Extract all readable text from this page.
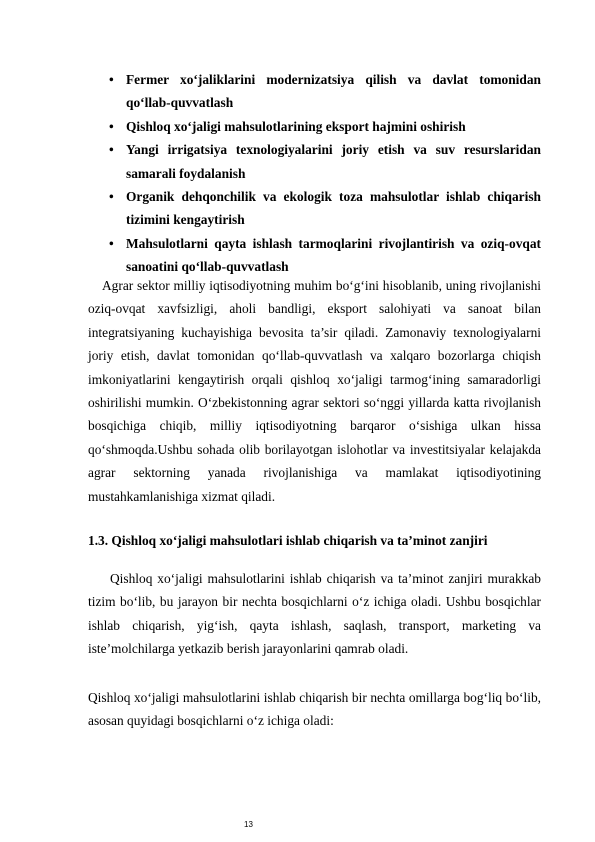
• Fermer xo‘jaliklarini modernizatsiya qilish va davlat tomonidan qo‘llab-quvvatlash
• Qishloq xo‘jaligi mahsulotlarining eksport hajmini oshirish
• Yangi irrigatsiya texnologiyalarini joriy etish va suv resurslaridan samarali foydalanish
• Organik dehqonchilik va ekologik toza mahsulotlar ishlab chiqarish tizimini kengaytirish
• Mahsulotlarni qayta ishlash tarmoqlarini rivojlantirish va oziq-ovqat sanoatini qo‘llab-quvvatlash

Agrar sektor milliy iqtisodiyotning muhim bo‘g‘ini hisoblanib, uning rivojlanishi oziq-ovqat xavfsizligi, aholi bandligi, eksport salohiyati va sanoat bilan integratsiyaning kuchayishiga bevosita ta’sir qiladi. Zamonaviy texnologiyalarni joriy etish, davlat tomonidan qo‘llab-quvvatlash va xalqaro bozorlarga chiqish imkoniyatlarini kengaytirish orqali qishloq xo‘jaligi tarmog‘ining samaradorligi oshirilishi mumkin. O‘zbekistonning agrar sektori so‘nggi yillarda katta rivojlanish bosqichiga chiqib, milliy iqtisodiyotning barqaror o‘sishiga ulkan hissa qo‘shmoqda.Ushbu sohada olib borilayotgan islohotlar va investitsiyalar kelajakda agrar sektorning yanada rivojlanishiga va mamlakat iqtisodiyotining mustahkamlanishiga xizmat qiladi.

1.3. Qishloq xo‘jaligi mahsulotlari ishlab chiqarish va ta’minot zanjiri

Qishloq xo‘jaligi mahsulotlarini ishlab chiqarish va ta’minot zanjiri murakkab tizim bo‘lib, bu jarayon bir nechta bosqichlarni o‘z ichiga oladi. Ushbu bosqichlar ishlab chiqarish, yig‘ish, qayta ishlash, saqlash, transport, marketing va iste’molchilarga yetkazib berish jarayonlarini qamrab oladi.

Qishloq xo‘jaligi mahsulotlarini ishlab chiqarish bir nechta omillarga bog‘liq bo‘lib, asosan quyidagi bosqichlarni o‘z ichiga oladi:

13
